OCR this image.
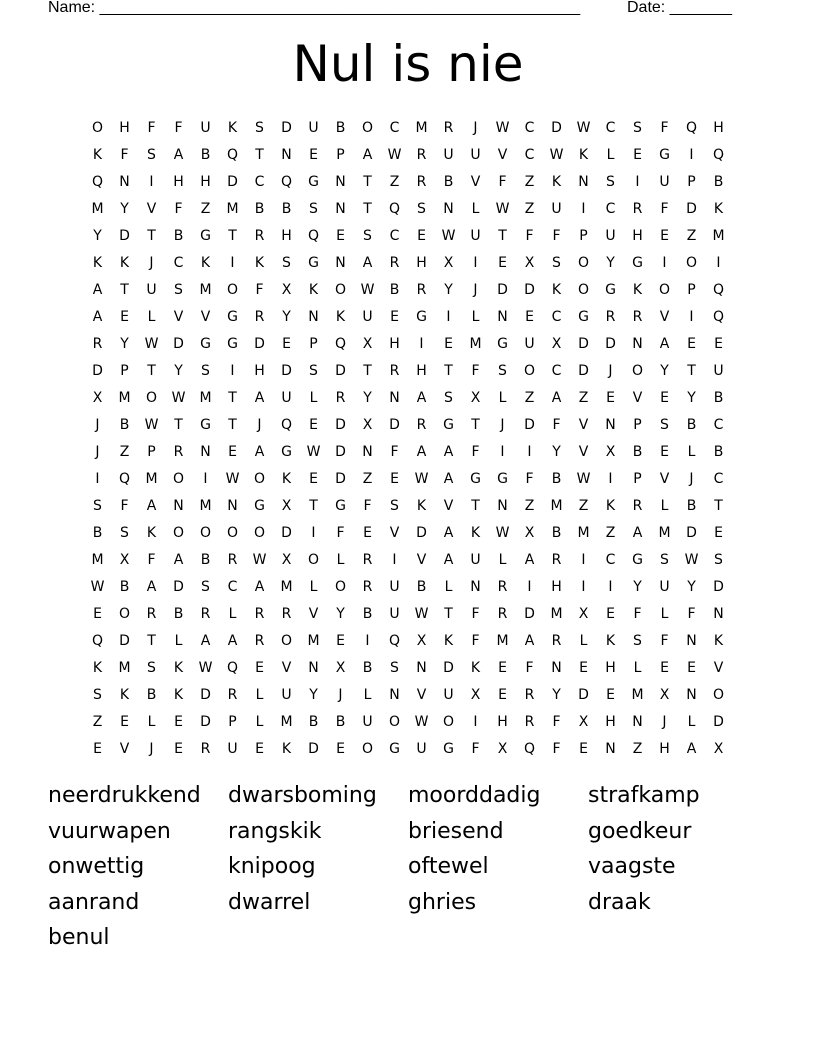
Name: ______________________________________________________	Date: _______
Nul is nie
O	H	F	F	U	K	S	D	U	B	O	C	M	R	J	W	C	D	W	C	S	F	Q	H
K	F	S	A	B	Q	T	N	E	P	A	W	R	U	U	V	C	W	K	L	E	G	I	Q
Q	N	I	H	H	D	C	Q	G	N	T	Z	R	B	V	F	Z	K	N	S	I	U	P	B
M	Y	V	F	Z	M	B	B	S	N	T	Q	S	N	L	W	Z	U	I	C	R	F	D	K
Y	D	T	B	G	T	R	H	Q	E	S	C	E	W	U	T	F	F	P	U	H	E	Z	M
K	K	J	C	K	I	K	S	G	N	A	R	H	X	I	E	X	S	O	Y	G	I	O	I
A	T	U	S	M	O	F	X	K	O	W	B	R	Y	J	D	D	K	O	G	K	O	P	Q
A	E	L	V	V	G	R	Y	N	K	U	E	G	I	L	N	E	C	G	R	R	V	I	Q
R	Y	W	D	G	G	D	E	P	Q	X	H	I	E	M	G	U	X	D	D	N	A	E	E
D	P	T	Y	S	I	H	D	S	D	T	R	H	T	F	S	O	C	D	J	O	Y	T	U
X	M	O	W	M	T	A	U	L	R	Y	N	A	S	X	L	Z	A	Z	E	V	E	Y	B
J	B	W	T	G	T	J	Q	E	D	X	D	R	G	T	J	D	F	V	N	P	S	B	C
J	Z	P	R	N	E	A	G	W	D	N	F	A	A	F	I	I	Y	V	X	B	E	L	B
I	Q	M	O	I	W	O	K	E	D	Z	E	W	A	G	G	F	B	W	I	P	V	J	C
S	F	A	N	M	N	G	X	T	G	F	S	K	V	T	N	Z	M	Z	K	R	L	B	T
B	S	K	O	O	O	O	D	I	F	E	V	D	A	K	W	X	B	M	Z	A	M	D	E
M	X	F	A	B	R	W	X	O	L	R	I	V	A	U	L	A	R	I	C	G	S	W	S
W	B	A	D	S	C	A	M	L	O	R	U	B	L	N	R	I	H	I	I	Y	U	Y	D
E	O	R	B	R	L	R	R	V	Y	B	U	W	T	F	R	D	M	X	E	F	L	F	N
Q	D	T	L	A	A	R	O	M	E	I	Q	X	K	F	M	A	R	L	K	S	F	N	K
K	M	S	K	W	Q	E	V	N	X	B	S	N	D	K	E	F	N	E	H	L	E	E	V
S	K	B	K	D	R	L	U	Y	J	L	N	V	U	X	E	R	Y	D	E	M	X	N	O
Z	E	L	E	D	P	L	M	B	B	U	O	W	O	I	H	R	F	X	H	N	J	L	D
E	V	J	E	R	U	E	K	D	E	O	G	U	G	F	X	Q	F	E	N	Z	H	A	X
neerdrukkend	dwarsboming	moorddadig	strafkamp
vuurwapen	rangskik	briesend	goedkeur
onwettig	knipoog	oftewel	vaagste
aanrand	dwarrel	ghries	draak
benul
